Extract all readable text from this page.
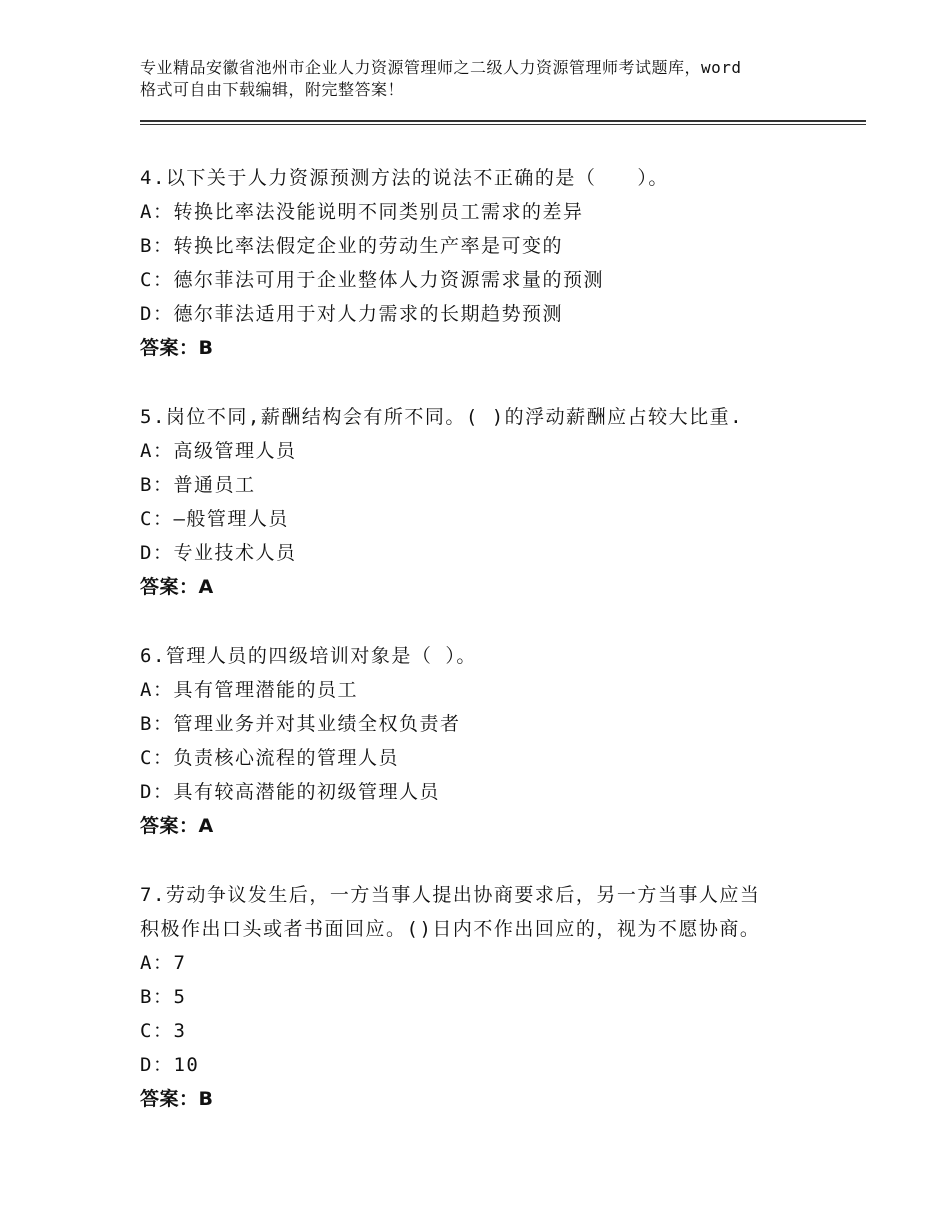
专业精品安徽省池州市企业人力资源管理师之二级人力资源管理师考试题库，word
格式可自由下载编辑，附完整答案！
4.以下关于人力资源预测方法的说法不正确的是（　　）。
A：转换比率法没能说明不同类别员工需求的差异
B：转换比率法假定企业的劳动生产率是可变的
C：德尔菲法可用于企业整体人力资源需求量的预测
D：德尔菲法适用于对人力需求的长期趋势预测
答案：B
5.岗位不同,薪酬结构会有所不同。( )的浮动薪酬应占较大比重.
A：高级管理人员
B：普通员工
C：—般管理人员
D：专业技术人员
答案：A
6.管理人员的四级培训对象是（ ）。
A：具有管理潜能的员工
B：管理业务并对其业绩全权负责者
C：负责核心流程的管理人员
D：具有较高潜能的初级管理人员
答案：A
7.劳动争议发生后，一方当事人提出协商要求后，另一方当事人应当
积极作出口头或者书面回应。()日内不作出回应的，视为不愿协商。
A：7
B：5
C：3
D：10
答案：B
